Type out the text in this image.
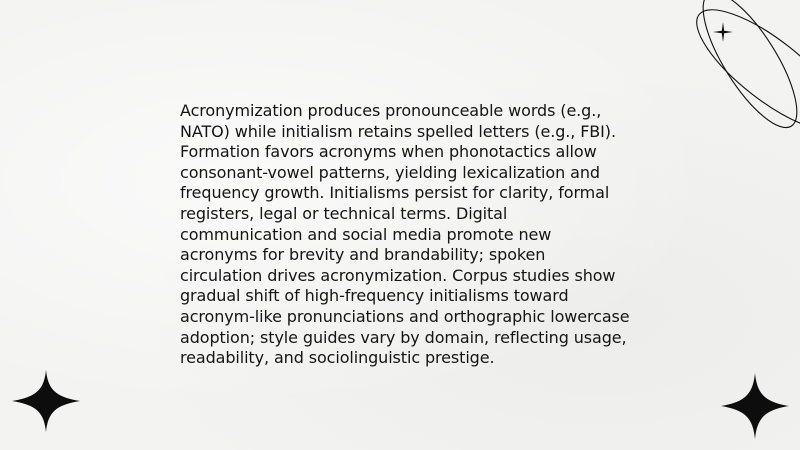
Acronymization produces pronounceable words (e.g., NATO) while initialism retains spelled letters (e.g., FBI). Formation favors acronyms when phonotactics allow consonant-vowel patterns, yielding lexicalization and frequency growth. Initialisms persist for clarity, formal registers, legal or technical terms. Digital communication and social media promote new acronyms for brevity and brandability; spoken circulation drives acronymization. Corpus studies show gradual shift of high-frequency initialisms toward acronym-like pronunciations and orthographic lowercase adoption; style guides vary by domain, reflecting usage, readability, and sociolinguistic prestige.
